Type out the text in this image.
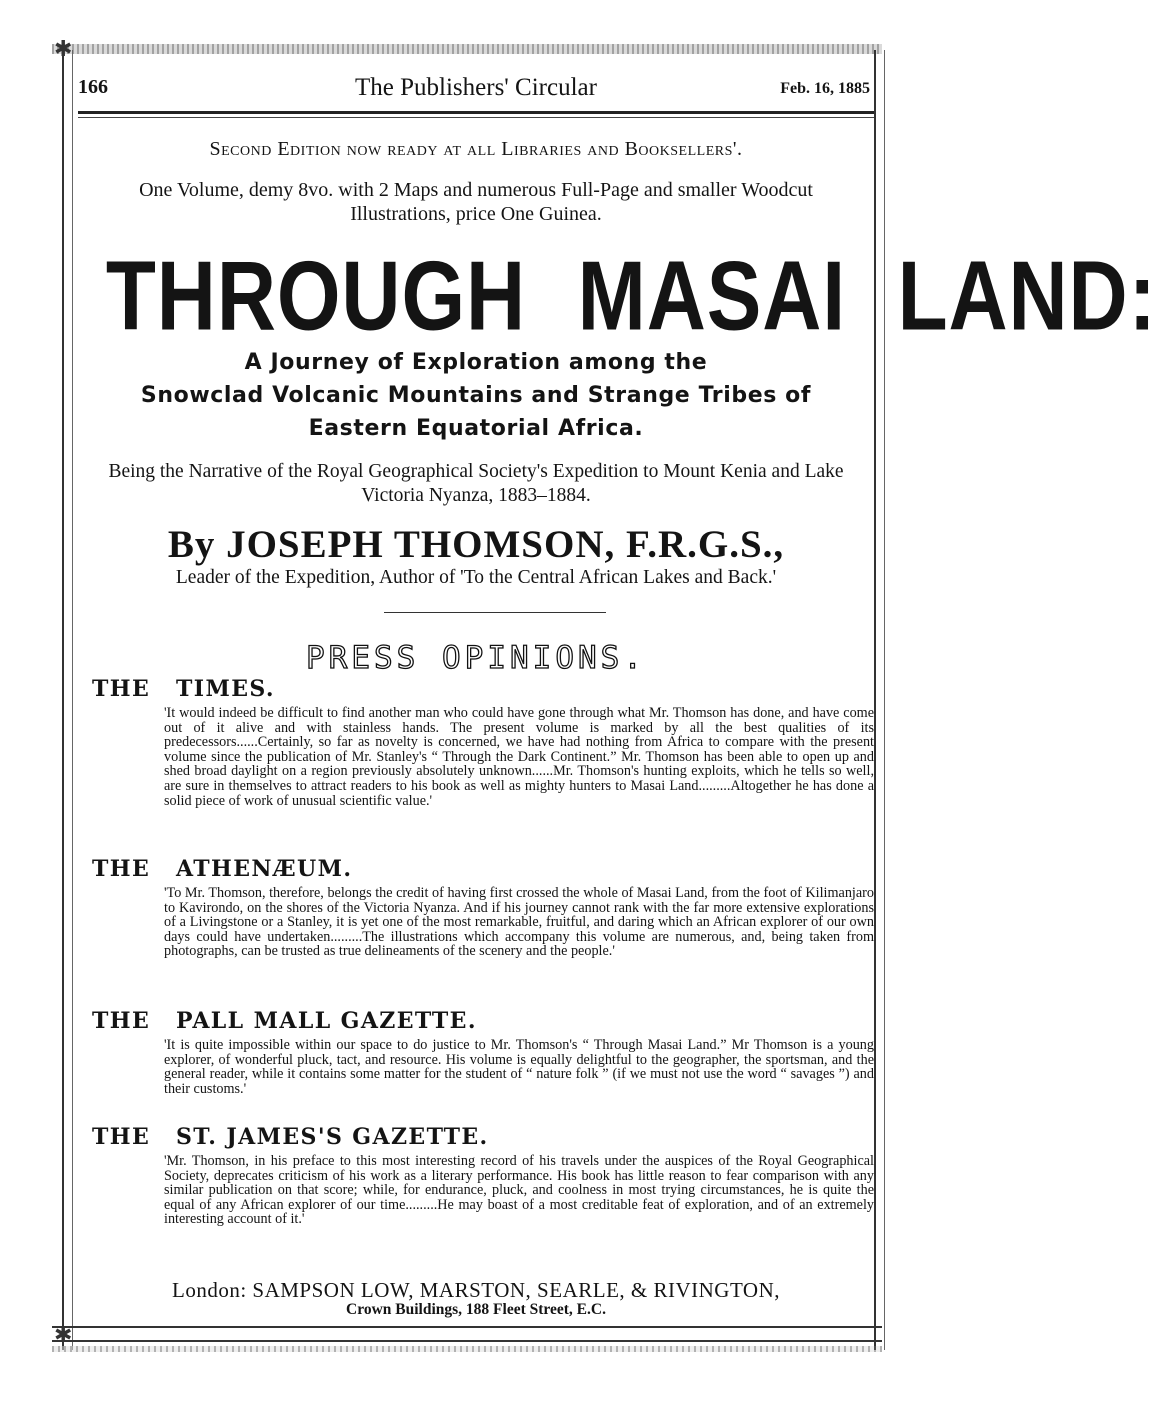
✱
✱
166	The Publishers' Circular	Feb. 16, 1885
Second Edition now ready at all Libraries and Booksellers'.
One Volume, demy 8vo. with 2 Maps and numerous Full-Page and smaller Woodcut Illustrations, price One Guinea.
THROUGH MASAI LAND:
A Journey of Exploration among the
Snowclad Volcanic Mountains and Strange Tribes of
Eastern Equatorial Africa.
Being the Narrative of the Royal Geographical Society's Expedition to Mount Kenia and Lake Victoria Nyanza, 1883–1884.
By JOSEPH THOMSON, F.R.G.S.,
Leader of the Expedition, Author of 'To the Central African Lakes and Back.'
PRESS OPINIONS.
THE TIMES.
'It would indeed be difficult to find another man who could have gone through what Mr. Thomson has done, and have come out of it alive and with stainless hands. The present volume is marked by all the best qualities of its predecessors......Certainly, so far as novelty is concerned, we have had nothing from Africa to compare with the present volume since the publication of Mr. Stanley's “ Through the Dark Continent.” Mr. Thomson has been able to open up and shed broad daylight on a region previously absolutely unknown......Mr. Thomson's hunting exploits, which he tells so well, are sure in themselves to attract readers to his book as well as mighty hunters to Masai Land.........Altogether he has done a solid piece of work of unusual scientific value.'
THE ATHENÆUM.
'To Mr. Thomson, therefore, belongs the credit of having first crossed the whole of Masai Land, from the foot of Kilimanjaro to Kavirondo, on the shores of the Victoria Nyanza. And if his journey cannot rank with the far more extensive explorations of a Livingstone or a Stanley, it is yet one of the most remarkable, fruitful, and daring which an African explorer of our own days could have undertaken.........The illustrations which accompany this volume are numerous, and, being taken from photographs, can be trusted as true delineaments of the scenery and the people.'
THE PALL MALL GAZETTE.
'It is quite impossible within our space to do justice to Mr. Thomson's “ Through Masai Land.” Mr Thomson is a young explorer, of wonderful pluck, tact, and resource. His volume is equally delightful to the geographer, the sportsman, and the general reader, while it contains some matter for the student of “ nature folk ” (if we must not use the word “ savages ”) and their customs.'
THE ST. JAMES'S GAZETTE.
'Mr. Thomson, in his preface to this most interesting record of his travels under the auspices of the Royal Geographical Society, deprecates criticism of his work as a literary performance. His book has little reason to fear comparison with any similar publication on that score; while, for endurance, pluck, and coolness in most trying circumstances, he is quite the equal of any African explorer of our time.........He may boast of a most creditable feat of exploration, and of an extremely interesting account of it.'
London: SAMPSON LOW, MARSTON, SEARLE, & RIVINGTON,
Crown Buildings, 188 Fleet Street, E.C.
